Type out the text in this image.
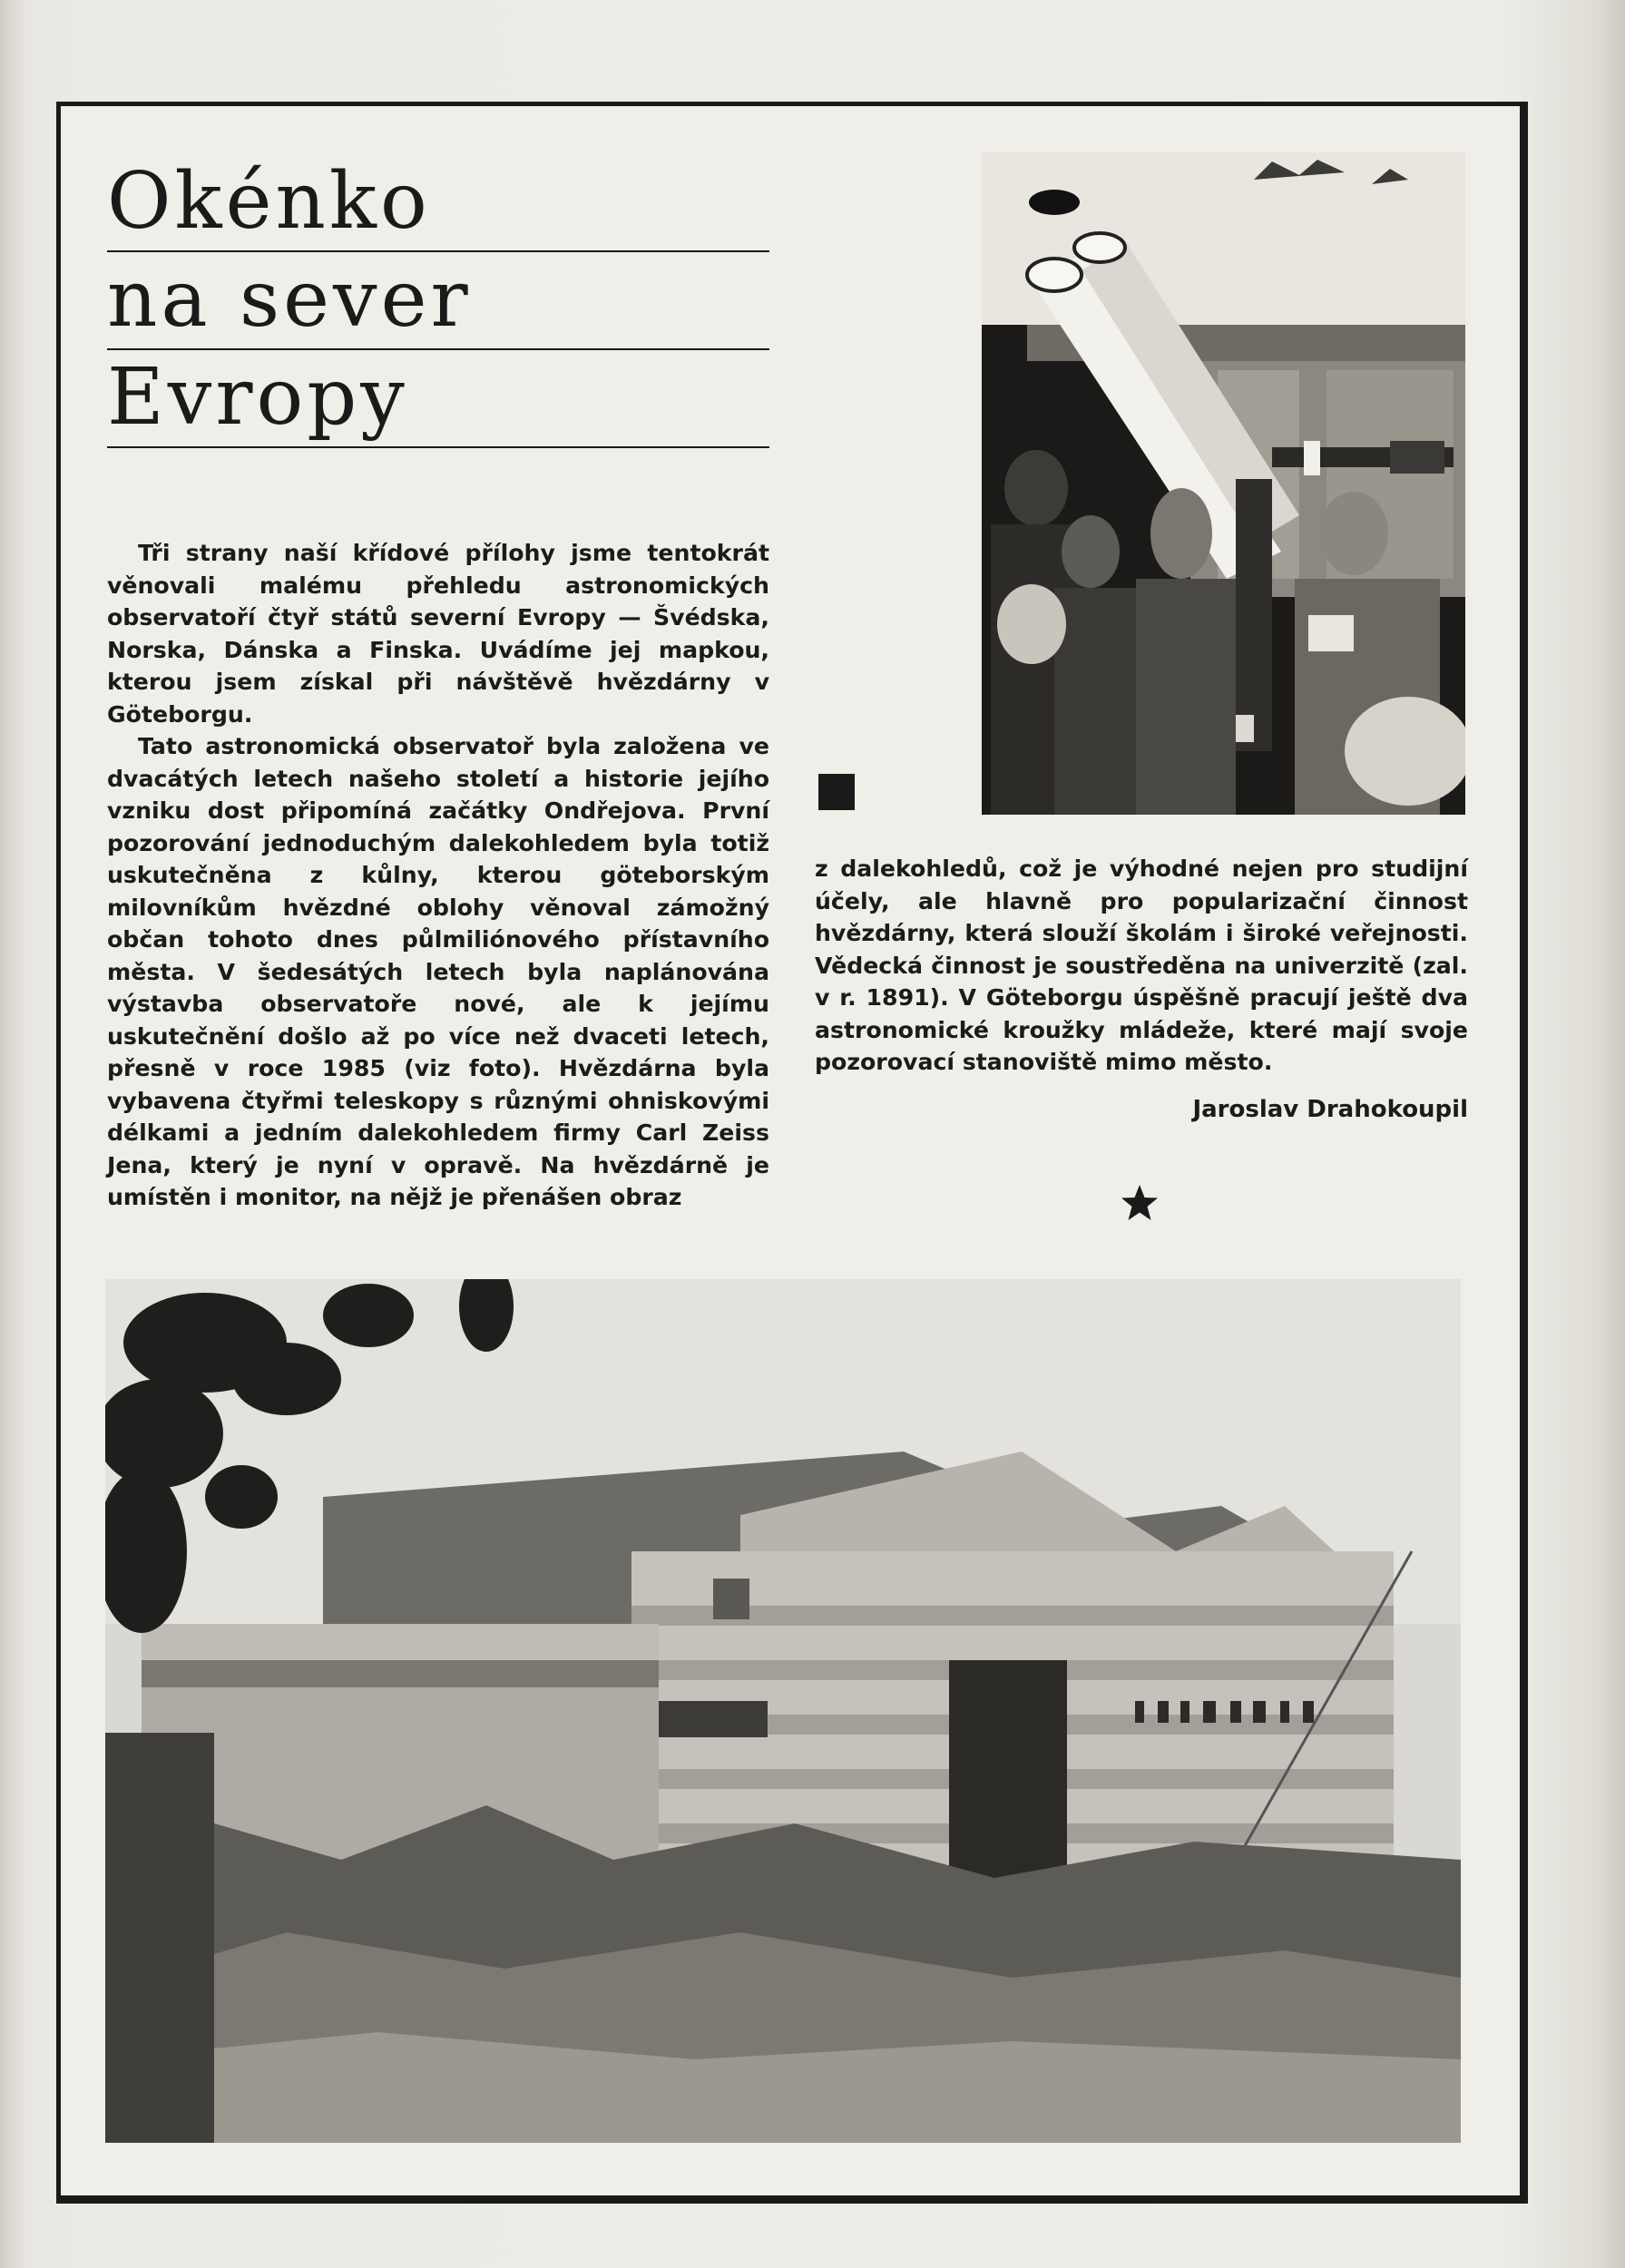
Okénko
na sever
Evropy

Tři strany naší křídové přílohy jsme tentokrát věnovali malému přehledu astronomických observatoří čtyř států severní Evropy — Švédska, Norska, Dánska a Finska. Uvádíme jej mapkou, kterou jsem získal při návštěvě hvězdárny v Göteborgu.

Tato astronomická observatoř byla založena ve dvacátých letech našeho století a historie jejího vzniku dost připomíná začátky Ondřejova. První pozorování jednoduchým dalekohledem byla totiž uskutečněna z kůlny, kterou göteborským milovníkům hvězdné oblohy věnoval zámožný občan tohoto dnes půlmiliónového přístavního města. V šedesátých letech byla naplánována výstavba observatoře nové, ale k jejímu uskutečnění došlo až po více než dvaceti letech, přesně v roce 1985 (viz foto). Hvězdárna byla vybavena čtyřmi teleskopy s různými ohniskovými délkami a jedním dalekohledem firmy Carl Zeiss Jena, který je nyní v opravě. Na hvězdárně je umístěn i monitor, na nějž je přenášen obraz

z dalekohledů, což je výhodné nejen pro studijní účely, ale hlavně pro popularizační činnost hvězdárny, která slouží školám i široké veřejnosti. Vědecká činnost je soustředěna na univerzitě (zal. v r. 1891). V Göteborgu úspěšně pracují ještě dva astronomické kroužky mládeže, které mají svoje pozorovací stanoviště mimo město.

Jaroslav Drahokoupil
